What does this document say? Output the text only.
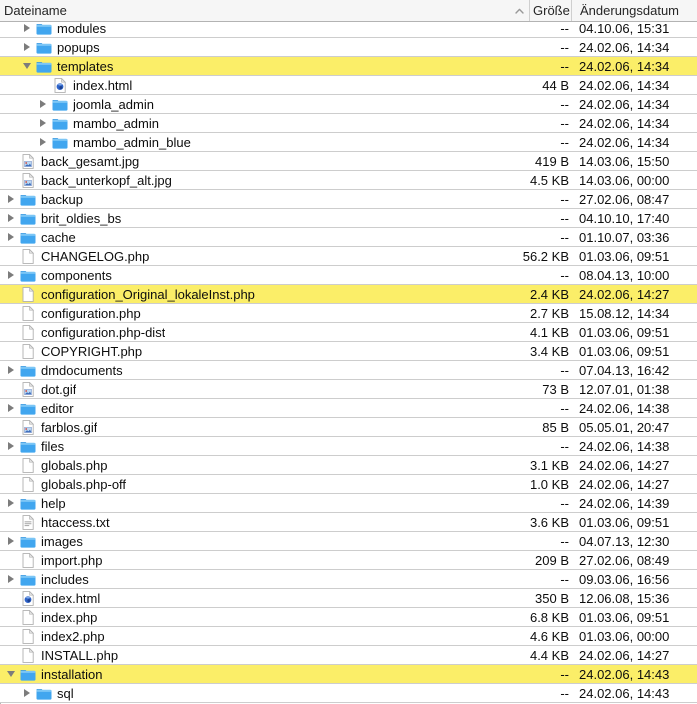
Dateiname	Größe Änderungsdatum
modules	-- 04.10.06, 15:31
popups	-- 24.02.06, 14:34
templates	-- 24.02.06, 14:34
index.html	44 B 24.02.06, 14:34
joomla_admin	-- 24.02.06, 14:34
mambo_admin	-- 24.02.06, 14:34
mambo_admin_blue	-- 24.02.06, 14:34
back_gesamt.jpg	419 B 14.03.06, 15:50
back_unterkopf_alt.jpg	4.5 KB 14.03.06, 00:00
backup	-- 27.02.06, 08:47
brit_oldies_bs	-- 04.10.10, 17:40
cache	-- 01.10.07, 03:36
CHANGELOG.php	56.2 KB 01.03.06, 09:51
components	-- 08.04.13, 10:00
configuration_Original_lokaleInst.php	2.4 KB 24.02.06, 14:27
configuration.php	2.7 KB 15.08.12, 14:34
configuration.php-dist	4.1 KB 01.03.06, 09:51
COPYRIGHT.php	3.4 KB 01.03.06, 09:51
dmdocuments	-- 07.04.13, 16:42
dot.gif	73 B 12.07.01, 01:38
editor	-- 24.02.06, 14:38
farblos.gif	85 B 05.05.01, 20:47
files	-- 24.02.06, 14:38
globals.php	3.1 KB 24.02.06, 14:27
globals.php-off	1.0 KB 24.02.06, 14:27
help	-- 24.02.06, 14:39
htaccess.txt	3.6 KB 01.03.06, 09:51
images	-- 04.07.13, 12:30
import.php	209 B 27.02.06, 08:49
includes	-- 09.03.06, 16:56
index.html	350 B 12.06.08, 15:36
index.php	6.8 KB 01.03.06, 09:51
index2.php	4.6 KB 01.03.06, 00:00
INSTALL.php	4.4 KB 24.02.06, 14:27
installation	-- 24.02.06, 14:43
sql	-- 24.02.06, 14:43
